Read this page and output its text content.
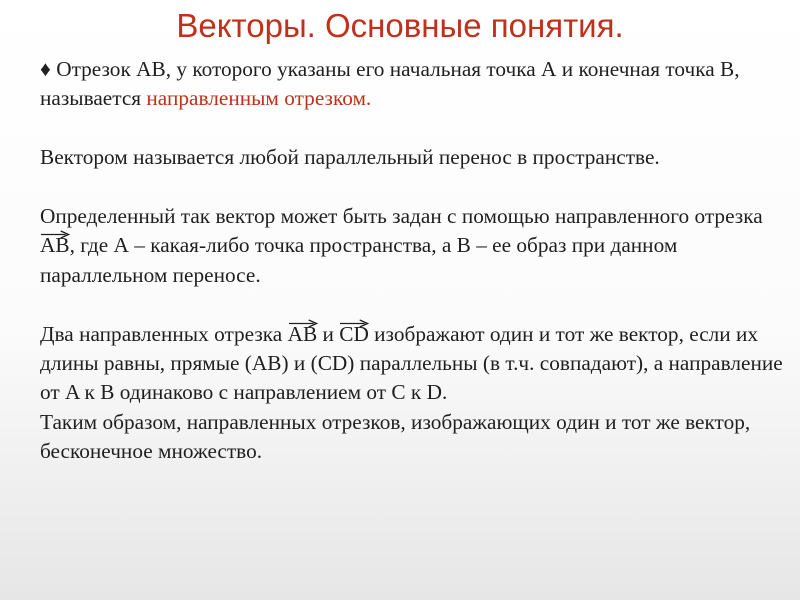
Векторы. Основные понятия.

♦ Отрезок АВ, у которого указаны его начальная точка А и конечная точка В, называется направленным отрезком.

Вектором называется любой параллельный перенос в пространстве.

Определенный так вектор может быть задан с помощью направленного отрезка
AB, где А – какая-либо точка пространства, а В – ее образ при данном параллельном переносе.

Два направленных отрезка
AB и
CD изображают один и тот же вектор, если их длины равны, прямые (AB) и (CD) параллельны (в т.ч. совпадают), а направление от A к B одинаково с направлением от C к D.

Таким образом, направленных отрезков, изображающих один и тот же вектор, бесконечное множество.
